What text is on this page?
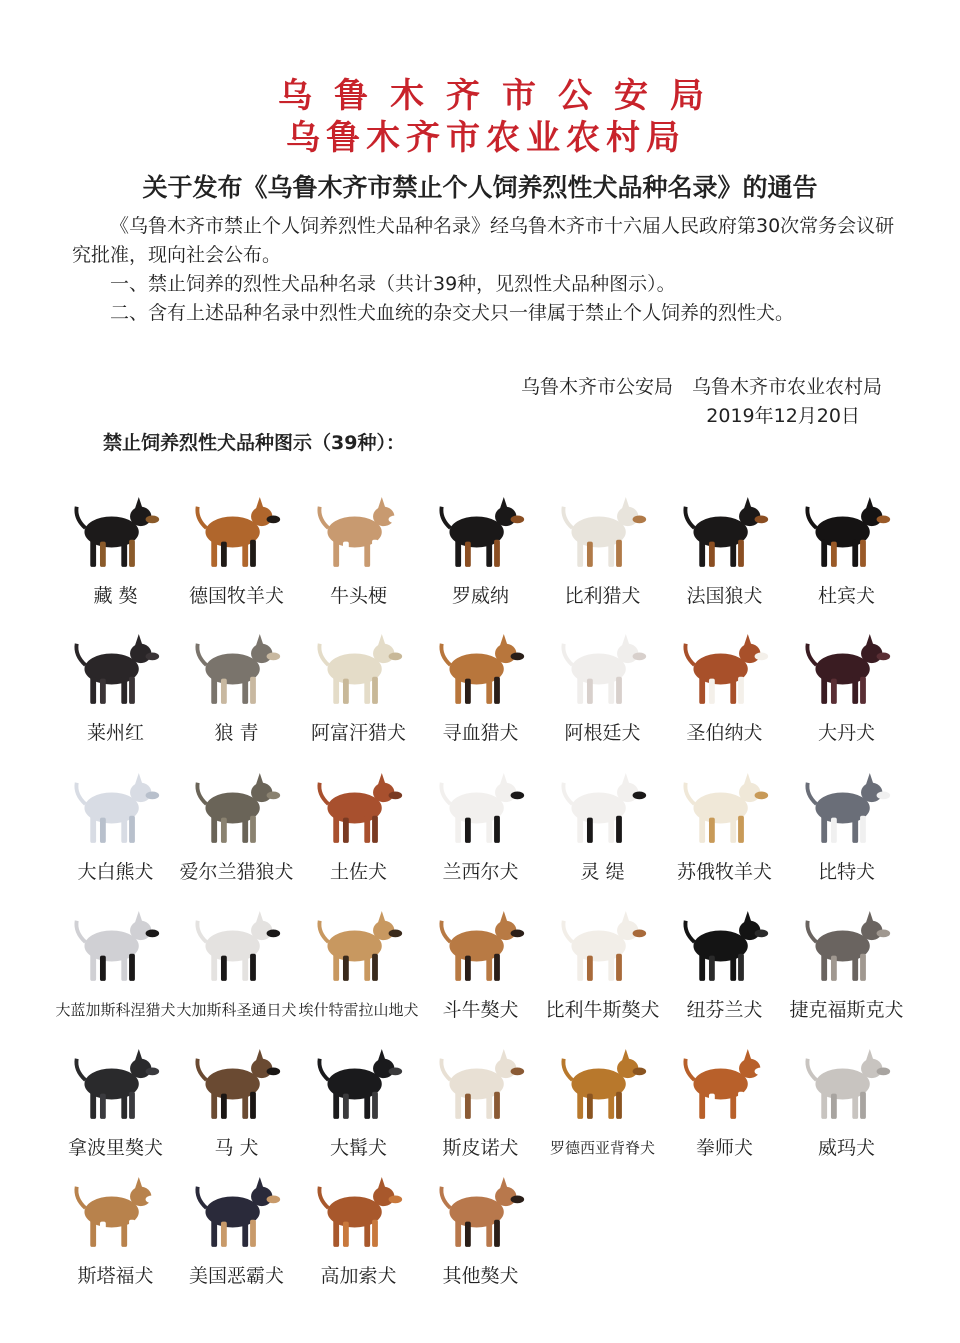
乌鲁木齐市公安局
乌鲁木齐市农业农村局
关于发布《乌鲁木齐市禁止个人饲养烈性犬品种名录》的通告
《乌鲁木齐市禁止个人饲养烈性犬品种名录》经乌鲁木齐市十六届人民政府第30次常务会议研究批准，现向社会公布。
一、禁止饲养的烈性犬品种名录（共计39种，见烈性犬品种图示）。
二、含有上述品种名录中烈性犬血统的杂交犬只一律属于禁止个人饲养的烈性犬。
乌鲁木齐市公安局　乌鲁木齐市农业农村局
2019年12月20日
禁止饲养烈性犬品种图示（39种）：
藏 獒	德国牧羊犬	牛头梗	罗威纳	比利猎犬	法国狼犬	杜宾犬
莱州红	狼 青	阿富汗猎犬	寻血猎犬	阿根廷犬	圣伯纳犬	大丹犬
大白熊犬	爱尔兰猎狼犬	土佐犬	兰西尔犬	灵 缇	苏俄牧羊犬	比特犬
大蓝加斯科涅猎犬 大加斯科圣通日犬 埃什特雷拉山地犬	斗牛獒犬	比利牛斯獒犬	纽芬兰犬	捷克福斯克犬
拿波里獒犬	马 犬	大髯犬	斯皮诺犬	罗德西亚背脊犬	拳师犬	威玛犬
斯塔福犬	美国恶霸犬	高加索犬	其他獒犬
